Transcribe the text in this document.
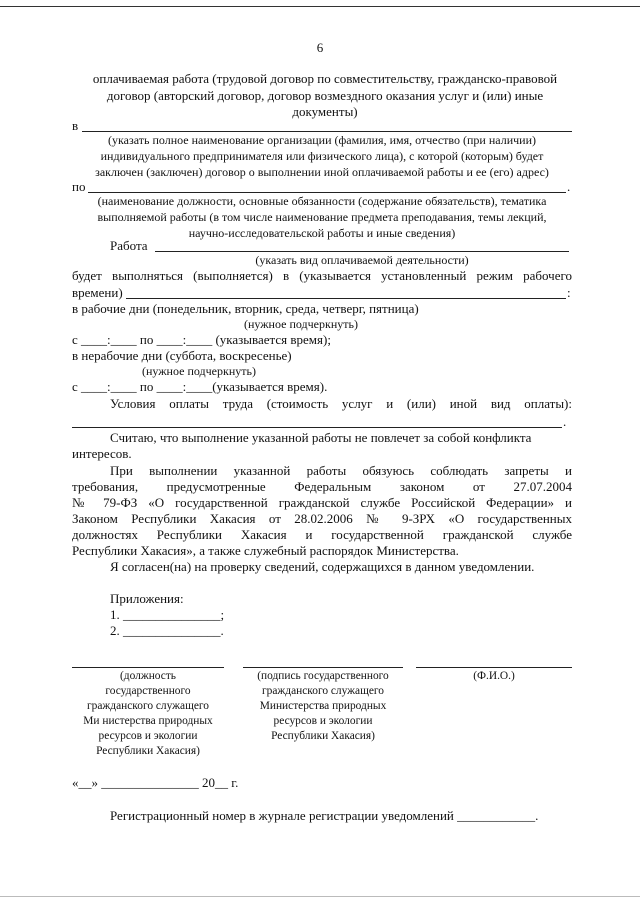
6
оплачиваемая работа (трудовой договор по совместительству, гражданско-правовой
договор (авторский договор, договор возмездного оказания услуг и (или) иные
документы)
в
(указать полное наименование организации (фамилия, имя, отчество (при наличии)
индивидуального предпринимателя или физического лица), с которой (которым) будет
заключен (заключен) договор о выполнении иной оплачиваемой работы и ее (его) адрес)
по	.
(наименование должности, основные обязанности (содержание обязательств), тематика
выполняемой работы (в том числе наименование предмета преподавания, темы лекций,
научно-исследовательской работы и иные сведения)
Работа
(указать вид оплачиваемой деятельности)
будет выполняться (выполняется) в (указывается установленный режим рабочего
времени)	:
в рабочие дни (понедельник, вторник, среда, четверг, пятница)
(нужное подчеркнуть)
с ____:____ по ____:____ (указывается время);
в нерабочие дни (суббота, воскресенье)
(нужное подчеркнуть)
с ____:____ по ____:____(указывается время).
Условия оплаты труда (стоимость услуг и (или) иной вид оплаты):
.
Считаю, что выполнение указанной работы не повлечет за собой конфликта
интересов.
При выполнении указанной работы обязуюсь соблюдать запреты и
требования, предусмотренные Федеральным законом от 27.07.2004
№ 79-ФЗ «О государственной гражданской службе Российской Федерации» и
Законом Республики Хакасия от 28.02.2006 № 9-ЗРХ «О государственных
должностях Республики Хакасия и государственной гражданской службе
Республики Хакасия», а также служебный распорядок Министерства.
Я согласен(на) на проверку сведений, содержащихся в данном уведомлении.
Приложения:
1. _______________;
2. _______________.
(должность
государственного
гражданского служащего
Ми нистерства природных
ресурсов и экологии
Республики Хакасия)
(подпись государственного
гражданского служащего
Министерства природных
ресурсов и экологии
Республики Хакасия)
(Ф.И.О.)
«__» _______________ 20__ г.
Регистрационный номер в журнале регистрации уведомлений ____________.
